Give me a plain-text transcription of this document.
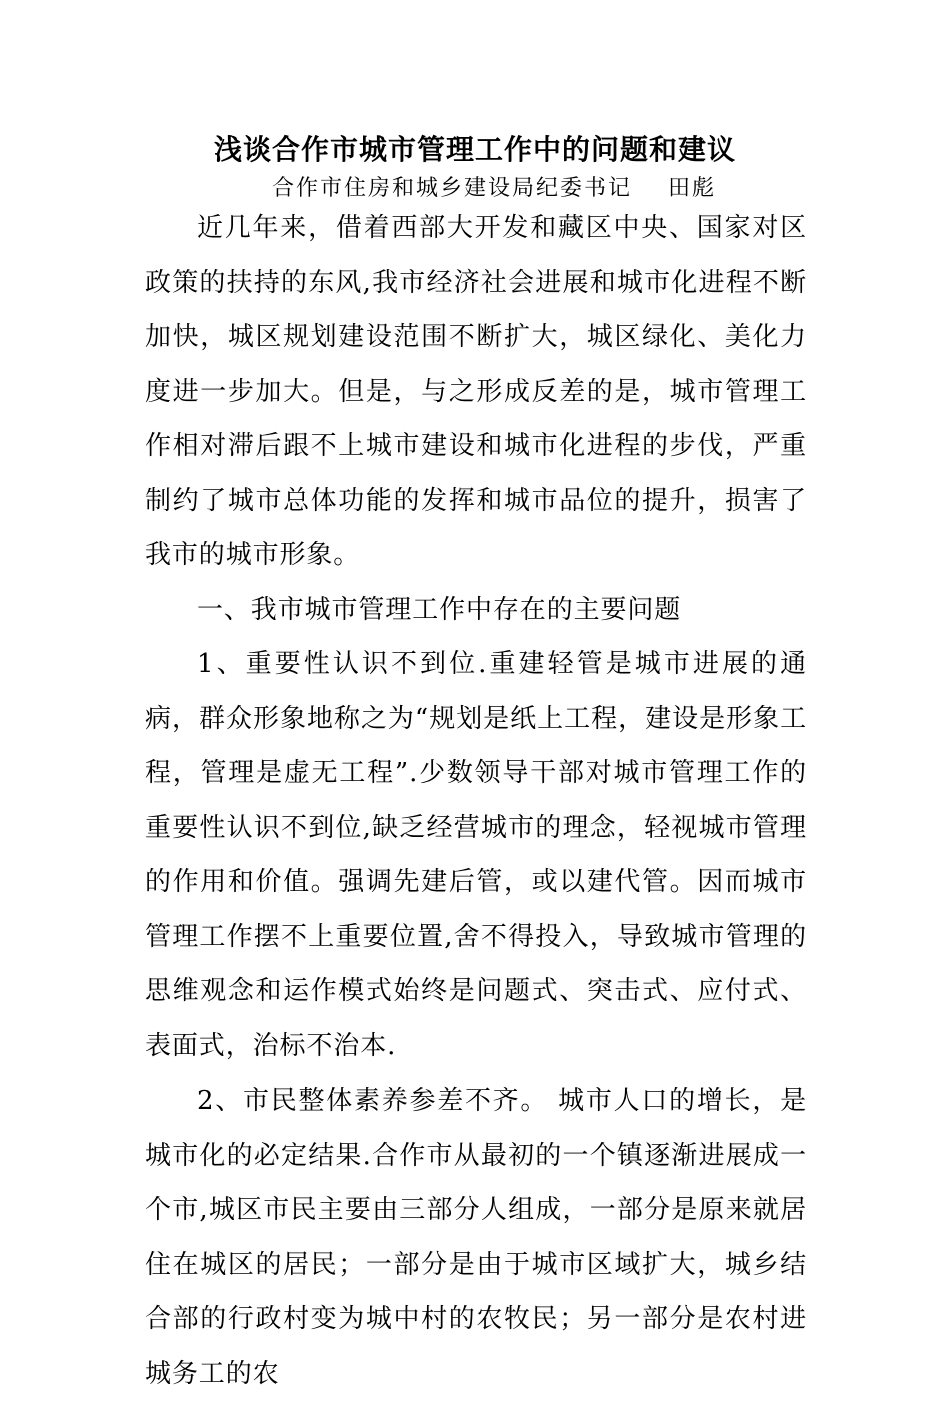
浅谈合作市城市管理工作中的问题和建议
合作市住房和城乡建设局纪委书记    田彪

近几年来，借着西部大开发和藏区中央、国家对区政策的扶持的东风,我市经济社会进展和城市化进程不断加快，城区规划建设范围不断扩大，城区绿化、美化力度进一步加大。但是，与之形成反差的是，城市管理工作相对滞后跟不上城市建设和城市化进程的步伐，严重制约了城市总体功能的发挥和城市品位的提升，损害了我市的城市形象。

一、我市城市管理工作中存在的主要问题

1、重要性认识不到位.重建轻管是城市进展的通病，群众形象地称之为“规划是纸上工程，建设是形象工程，管理是虚无工程”.少数领导干部对城市管理工作的重要性认识不到位,缺乏经营城市的理念，轻视城市管理的作用和价值。强调先建后管，或以建代管。因而城市管理工作摆不上重要位置,舍不得投入，导致城市管理的思维观念和运作模式始终是问题式、突击式、应付式、表面式，治标不治本.

2、市民整体素养参差不齐。 城市人口的增长，是城市化的必定结果.合作市从最初的一个镇逐渐进展成一个市,城区市民主要由三部分人组成，一部分是原来就居住在城区的居民；一部分是由于城市区域扩大，城乡结合部的行政村变为城中村的农牧民；另一部分是农村进城务工的农
